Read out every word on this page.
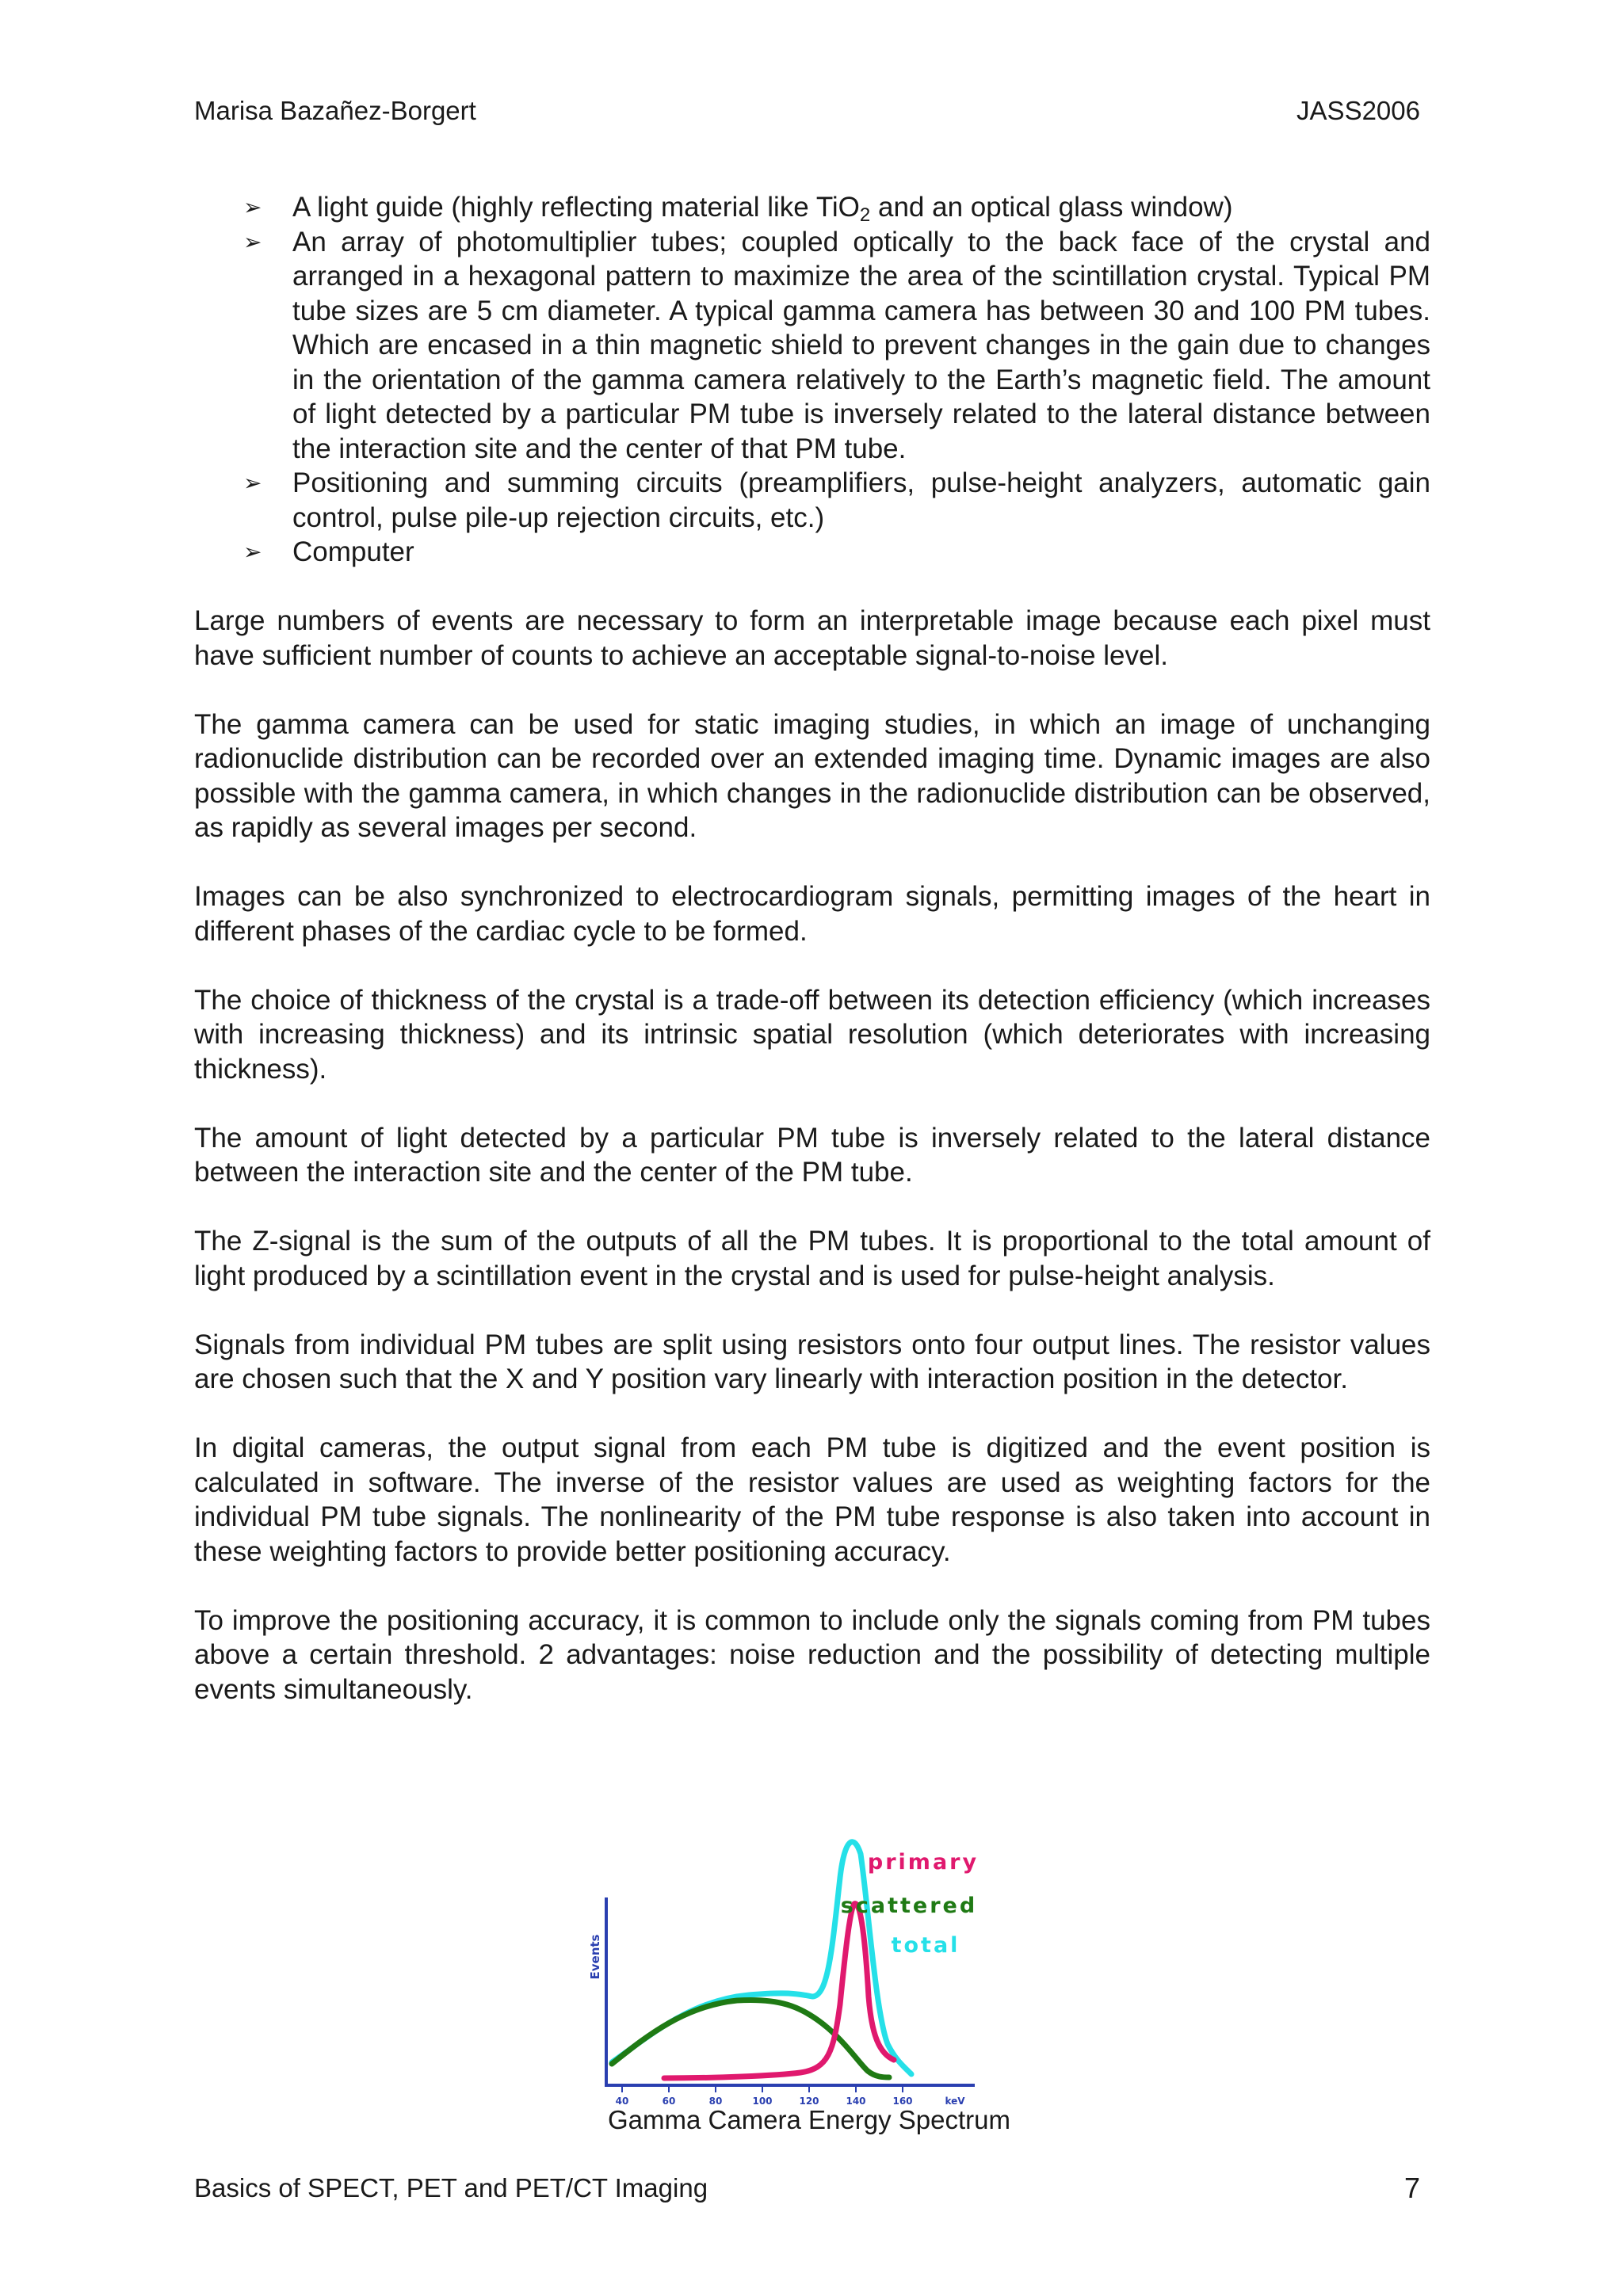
Marisa Bazañez-Borgert	JASS2006
➢	A light guide (highly reflecting material like TiO$_2$ and an optical glass window)
➢	An array of photomultiplier tubes; coupled optically to the back face of the crystal and arranged in a hexagonal pattern to maximize the area of the scintillation crystal. Typical PM tube sizes are 5 cm diameter. A typical gamma camera has between 30 and 100 PM tubes. Which are encased in a thin magnetic shield to prevent changes in the gain due to changes in the orientation of the gamma camera relatively to the Earth’s magnetic field. The amount of light detected by a particular PM tube is inversely related to the lateral distance between the interaction site and the center of that PM tube.
➢	Positioning and summing circuits (preamplifiers, pulse-height analyzers, automatic gain control, pulse pile-up rejection circuits, etc.)
➢	Computer

Large numbers of events are necessary to form an interpretable image because each pixel must have sufficient number of counts to achieve an acceptable signal-to-noise level.

The gamma camera can be used for static imaging studies, in which an image of unchanging radionuclide distribution can be recorded over an extended imaging time. Dynamic images are also possible with the gamma camera, in which changes in the radionuclide distribution can be observed, as rapidly as several images per second.

Images can be also synchronized to electrocardiogram signals, permitting images of the heart in different phases of the cardiac cycle to be formed.

The choice of thickness of the crystal is a trade-off between its detection efficiency (which increases with increasing thickness) and its intrinsic spatial resolution (which deteriorates with increasing thickness).

The amount of light detected by a particular PM tube is inversely related to the lateral distance between the interaction site and the center of the PM tube.

The Z-signal is the sum of the outputs of all the PM tubes. It is proportional to the total amount of light produced by a scintillation event in the crystal and is used for pulse-height analysis.

Signals from individual PM tubes are split using resistors onto four output lines. The resistor values are chosen such that the X and Y position vary linearly with interaction position in the detector.

In digital cameras, the output signal from each PM tube is digitized and the event position is calculated in software. The inverse of the resistor values are used as weighting factors for the individual PM tube signals. The nonlinearity of the PM tube response is also taken into account in these weighting factors to provide better positioning accuracy.

To improve the positioning accuracy, it is common to include only the signals coming from PM tubes above a certain threshold. 2 advantages: noise reduction and the possibility of detecting multiple events simultaneously.

40	60	80	100	120	140	160	keV
Events
primary
scattered
total
Gamma Camera Energy Spectrum
Basics of SPECT, PET and PET/CT Imaging	7
